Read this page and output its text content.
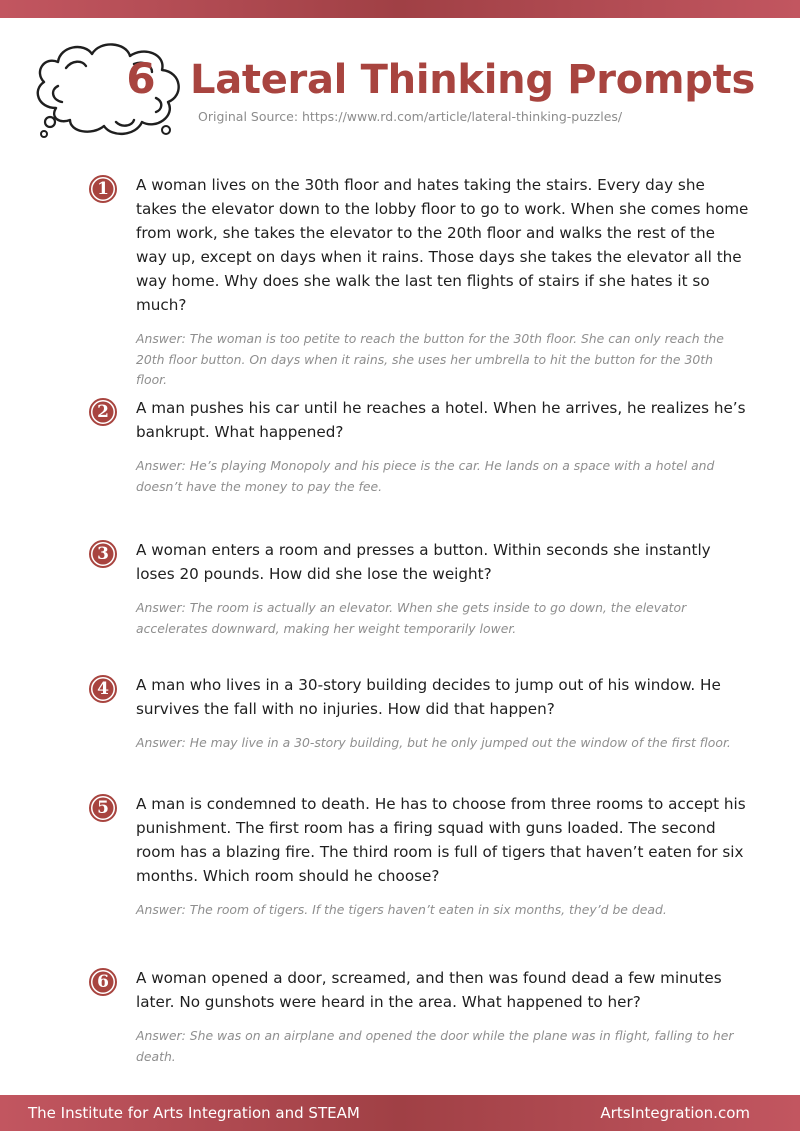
6 Lateral Thinking Prompts
Original Source: https://www.rd.com/article/lateral-thinking-puzzles/
1	A woman lives on the 30th floor and hates taking the stairs. Every day she takes the elevator down to the lobby floor to go to work. When she comes home from work, she takes the elevator to the 20th floor and walks the rest of the way up, except on days when it rains. Those days she takes the elevator all the way home. Why does she walk the last ten flights of stairs if she hates it so much?

Answer: The woman is too petite to reach the button for the 30th floor. She can only reach the 20th floor button. On days when it rains, she uses her umbrella to hit the button for the 30th floor.

2	A man pushes his car until he reaches a hotel. When he arrives, he realizes he’s bankrupt. What happened?

Answer: He’s playing Monopoly and his piece is the car. He lands on a space with a hotel and doesn’t have the money to pay the fee.

3	A woman enters a room and presses a button. Within seconds she instantly loses 20 pounds. How did she lose the weight?

Answer: The room is actually an elevator. When she gets inside to go down, the elevator accelerates downward, making her weight temporarily lower.

4	A man who lives in a 30-story building decides to jump out of his window. He survives the fall with no injuries. How did that happen?

Answer: He may live in a 30-story building, but he only jumped out the window of the first floor.

5	A man is condemned to death. He has to choose from three rooms to accept his punishment. The first room has a firing squad with guns loaded. The second room has a blazing fire. The third room is full of tigers that haven’t eaten for six months. Which room should he choose?

Answer: The room of tigers. If the tigers haven’t eaten in six months, they’d be dead.

6	A woman opened a door, screamed, and then was found dead a few minutes later. No gunshots were heard in the area. What happened to her?

Answer: She was on an airplane and opened the door while the plane was in flight, falling to her death.

The Institute for Arts Integration and STEAM	ArtsIntegration.com
